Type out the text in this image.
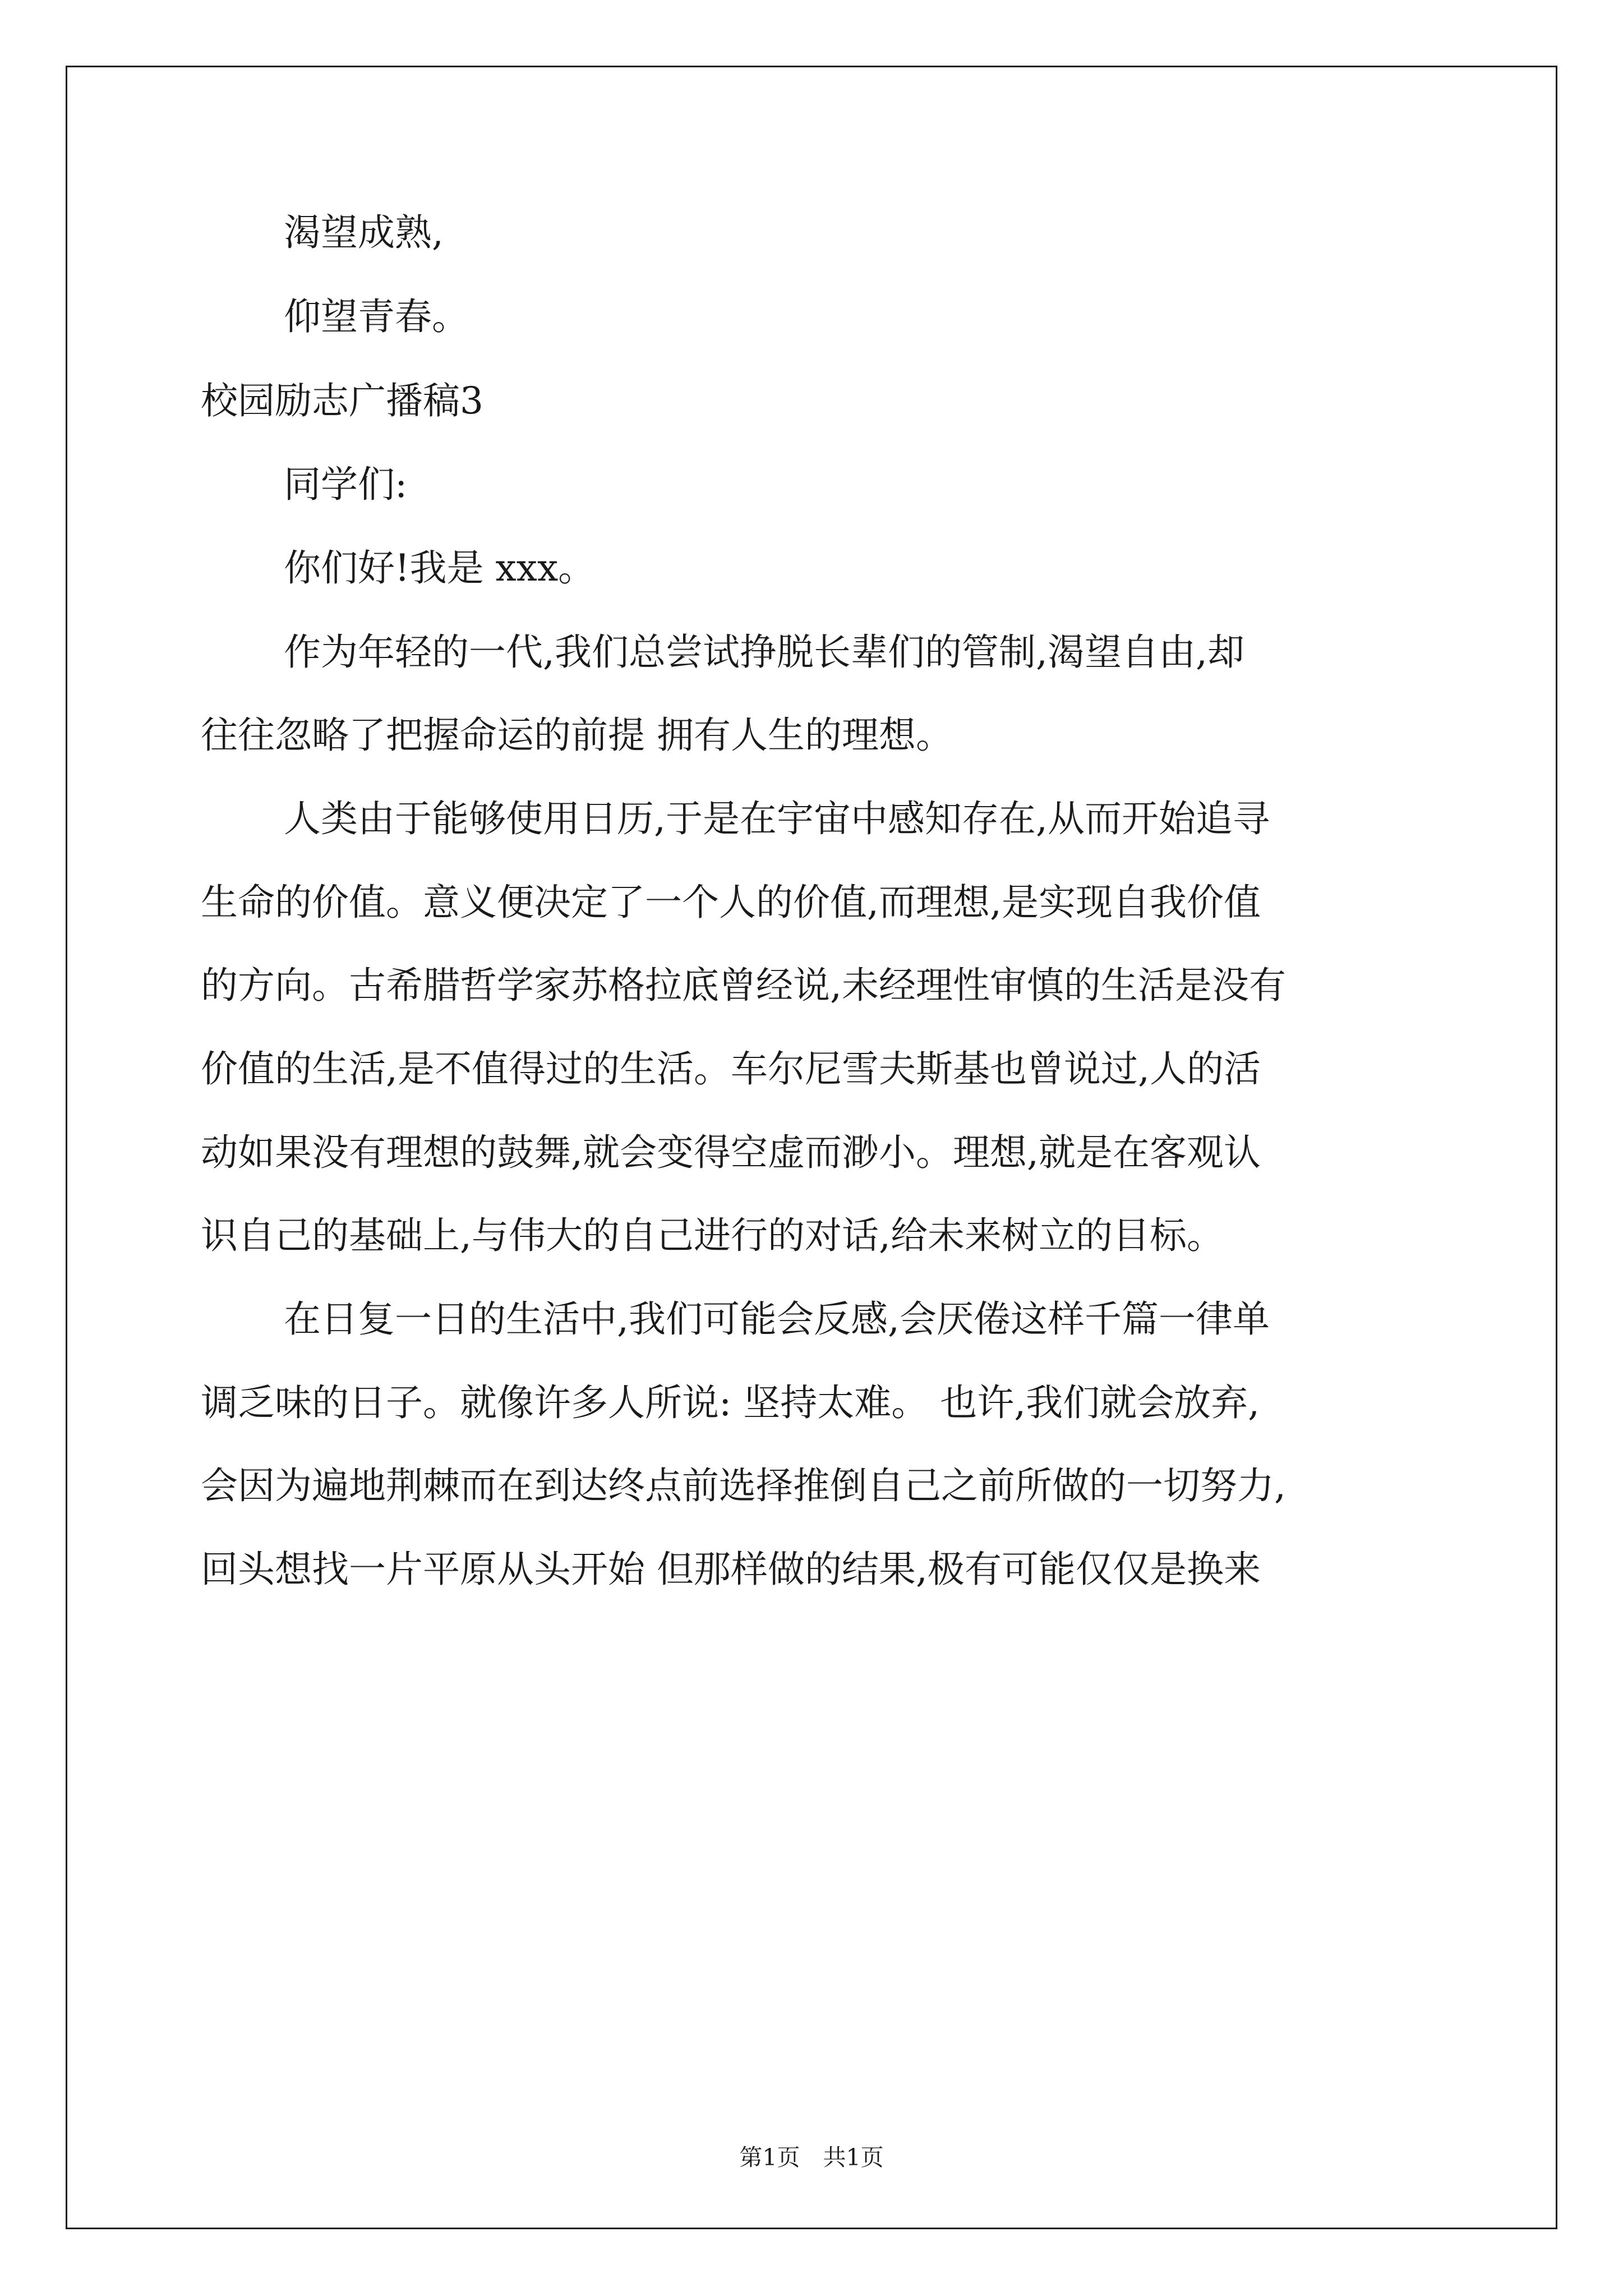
渴望成熟,
仰望青春。
校园励志广播稿3
同学们:
你们好!我是 xxx。
作为年轻的一代,我们总尝试挣脱长辈们的管制,渴望自由,却
往往忽略了把握命运的前提 拥有人生的理想。
人类由于能够使用日历,于是在宇宙中感知存在,从而开始追寻
生命的价值。意义便决定了一个人的价值,而理想,是实现自我价值
的方向。古希腊哲学家苏格拉底曾经说,未经理性审慎的生活是没有
价值的生活,是不值得过的生活。车尔尼雪夫斯基也曾说过,人的活
动如果没有理想的鼓舞,就会变得空虚而渺小。理想,就是在客观认
识自己的基础上,与伟大的自己进行的对话,给未来树立的目标。
在日复一日的生活中,我们可能会反感,会厌倦这样千篇一律单
调乏味的日子。就像许多人所说: 坚持太难。 也许,我们就会放弃,
会因为遍地荆棘而在到达终点前选择推倒自己之前所做的一切努力,
回头想找一片平原从头开始 但那样做的结果,极有可能仅仅是换来
第1页 共1页
